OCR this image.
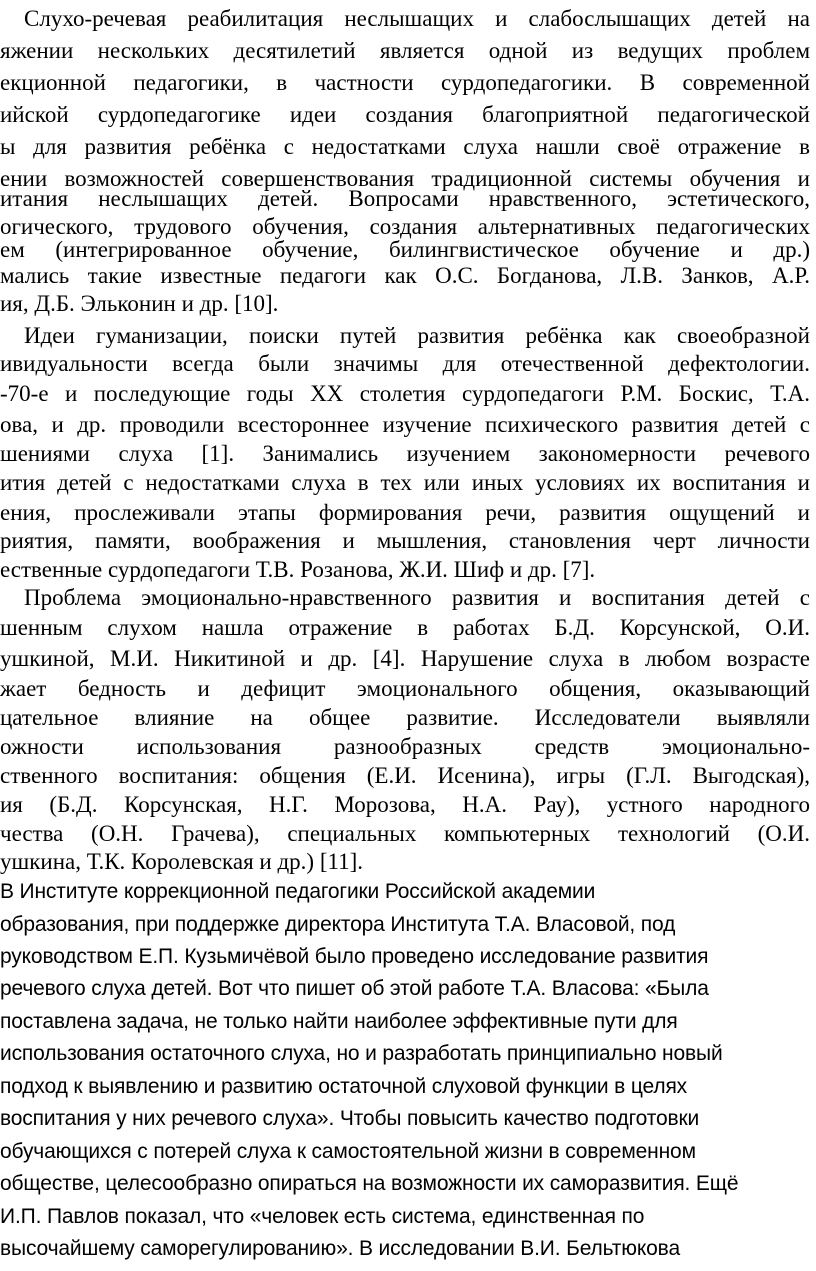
Слухо-речевая реабилитация неслышащих и слабослышащих детей на
яжении нескольких десятилетий является одной из ведущих проблем
екционной педагогики, в частности сурдопедагогики. В современной
ийской сурдопедагогике идеи создания благоприятной педагогической
ы для развития ребёнка с недостатками слуха нашли своё отражение в
ении возможностей совершенствования традиционной системы обучения и
итания неслышащих детей. Вопросами нравственного, эстетического,
огического, трудового обучения, создания альтернативных педагогических
ем (интегрированное обучение, билингвистическое обучение и др.)
мались такие известные педагоги как О.С. Богданова, Л.В. Занков, А.Р.
ия, Д.Б. Эльконин и др. [10].
Идеи гуманизации, поиски путей развития ребёнка как своеобразной
ивидуальности всегда были значимы для отечественной дефектологии.
-70-е и последующие годы XX столетия сурдопедагоги Р.М. Боскис, Т.А.
ова, и др. проводили всестороннее изучение психического развития детей с
шениями слуха [1]. Занимались изучением закономерности речевого
ития детей с недостатками слуха в тех или иных условиях их воспитания и
ения, прослеживали этапы формирования речи, развития ощущений и
риятия, памяти, воображения и мышления, становления черт личности
ественные сурдопедагоги Т.В. Розанова, Ж.И. Шиф и др. [7].
Проблема эмоционально-нравственного развития и воспитания детей с
шенным слухом нашла отражение в работах Б.Д. Корсунской, О.И.
ушкиной, М.И. Никитиной и др. [4]. Нарушение слуха в любом возрасте
жает бедность и дефицит эмоционального общения, оказывающий
цательное влияние на общее развитие. Исследователи выявляли
ожности использования разнообразных средств эмоционально-
ственного воспитания: общения (Е.И. Исенина), игры (Г.Л. Выгодская),
ия (Б.Д. Корсунская, Н.Г. Морозова, Н.А. Рау), устного народного
чества (О.Н. Грачева), специальных компьютерных технологий (О.И.
ушкина, Т.К. Королевская и др.) [11].
В Институте коррекционной педагогики Российской академии
образования, при поддержке директора Института Т.А. Власовой, под
руководством Е.П. Кузьмичёвой было проведено исследование развития
речевого слуха детей. Вот что пишет об этой работе Т.А. Власова: «Была
поставлена задача, не только найти наиболее эффективные пути для
использования остаточного слуха, но и разработать принципиально новый
подход к выявлению и развитию остаточной слуховой функции в целях
воспитания у них речевого слуха». Чтобы повысить качество подготовки
обучающихся с потерей слуха к самостоятельной жизни в современном
обществе, целесообразно опираться на возможности их саморазвития. Ещё
И.П. Павлов показал, что «человек есть система, единственная по
высочайшему саморегулированию». В исследовании В.И. Бельтюкова
